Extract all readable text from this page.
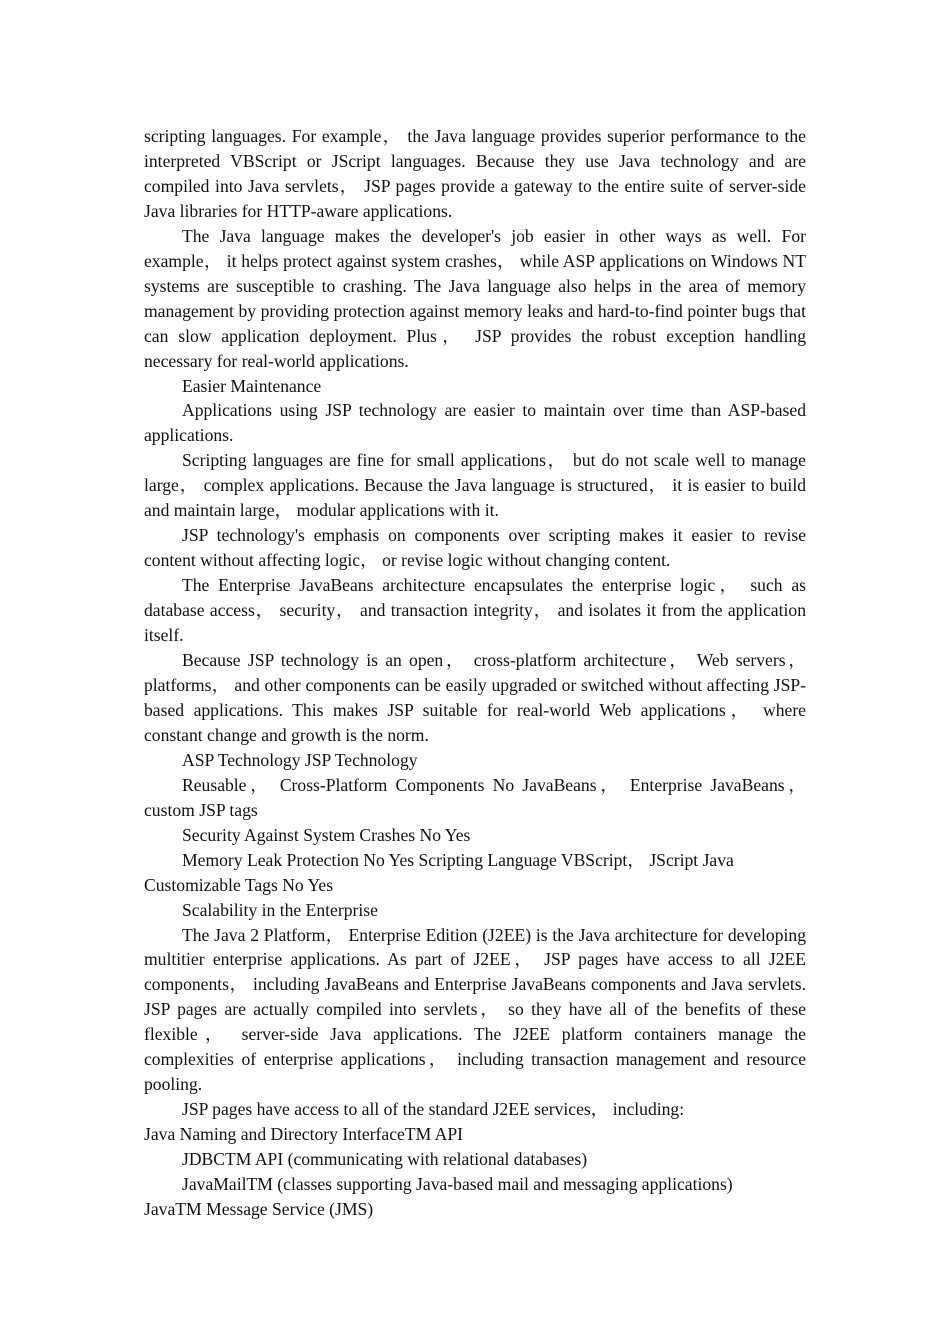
scripting languages. For example， the Java language provides superior performance to the interpreted VBScript or JScript languages. Because they use Java technology and are compiled into Java servlets， JSP pages provide a gateway to the entire suite of server-side Java libraries for HTTP-aware applications.

The Java language makes the developer's job easier in other ways as well. For example， it helps protect against system crashes， while ASP applications on Windows NT systems are susceptible to crashing. The Java language also helps in the area of memory management by providing protection against memory leaks and hard-to-find pointer bugs that can slow application deployment. Plus， JSP provides the robust exception handling necessary for real-world applications.

Easier Maintenance

Applications using JSP technology are easier to maintain over time than ASP-based applications.

Scripting languages are fine for small applications， but do not scale well to manage large， complex applications. Because the Java language is structured， it is easier to build and maintain large， modular applications with it.

JSP technology's emphasis on components over scripting makes it easier to revise content without affecting logic， or revise logic without changing content.

The Enterprise JavaBeans architecture encapsulates the enterprise logic， such as database access， security， and transaction integrity， and isolates it from the application itself.

Because JSP technology is an open， cross-platform architecture， Web servers， platforms， and other components can be easily upgraded or switched without affecting JSP-based applications. This makes JSP suitable for real-world Web applications， where constant change and growth is the norm.

ASP Technology JSP Technology

Reusable， Cross-Platform Components No JavaBeans， Enterprise JavaBeans， custom JSP tags

Security Against System Crashes No Yes

Memory Leak Protection No Yes Scripting Language VBScript， JScript Java Customizable Tags No Yes

Scalability in the Enterprise

The Java 2 Platform， Enterprise Edition (J2EE) is the Java architecture for developing multitier enterprise applications. As part of J2EE， JSP pages have access to all J2EE components， including JavaBeans and Enterprise JavaBeans components and Java servlets. JSP pages are actually compiled into servlets， so they have all of the benefits of these flexible， server-side Java applications. The J2EE platform containers manage the complexities of enterprise applications， including transaction management and resource pooling.

JSP pages have access to all of the standard J2EE services， including:

Java Naming and Directory InterfaceTM API

JDBCTM API (communicating with relational databases)

JavaMailTM (classes supporting Java-based mail and messaging applications)

JavaTM Message Service (JMS)
